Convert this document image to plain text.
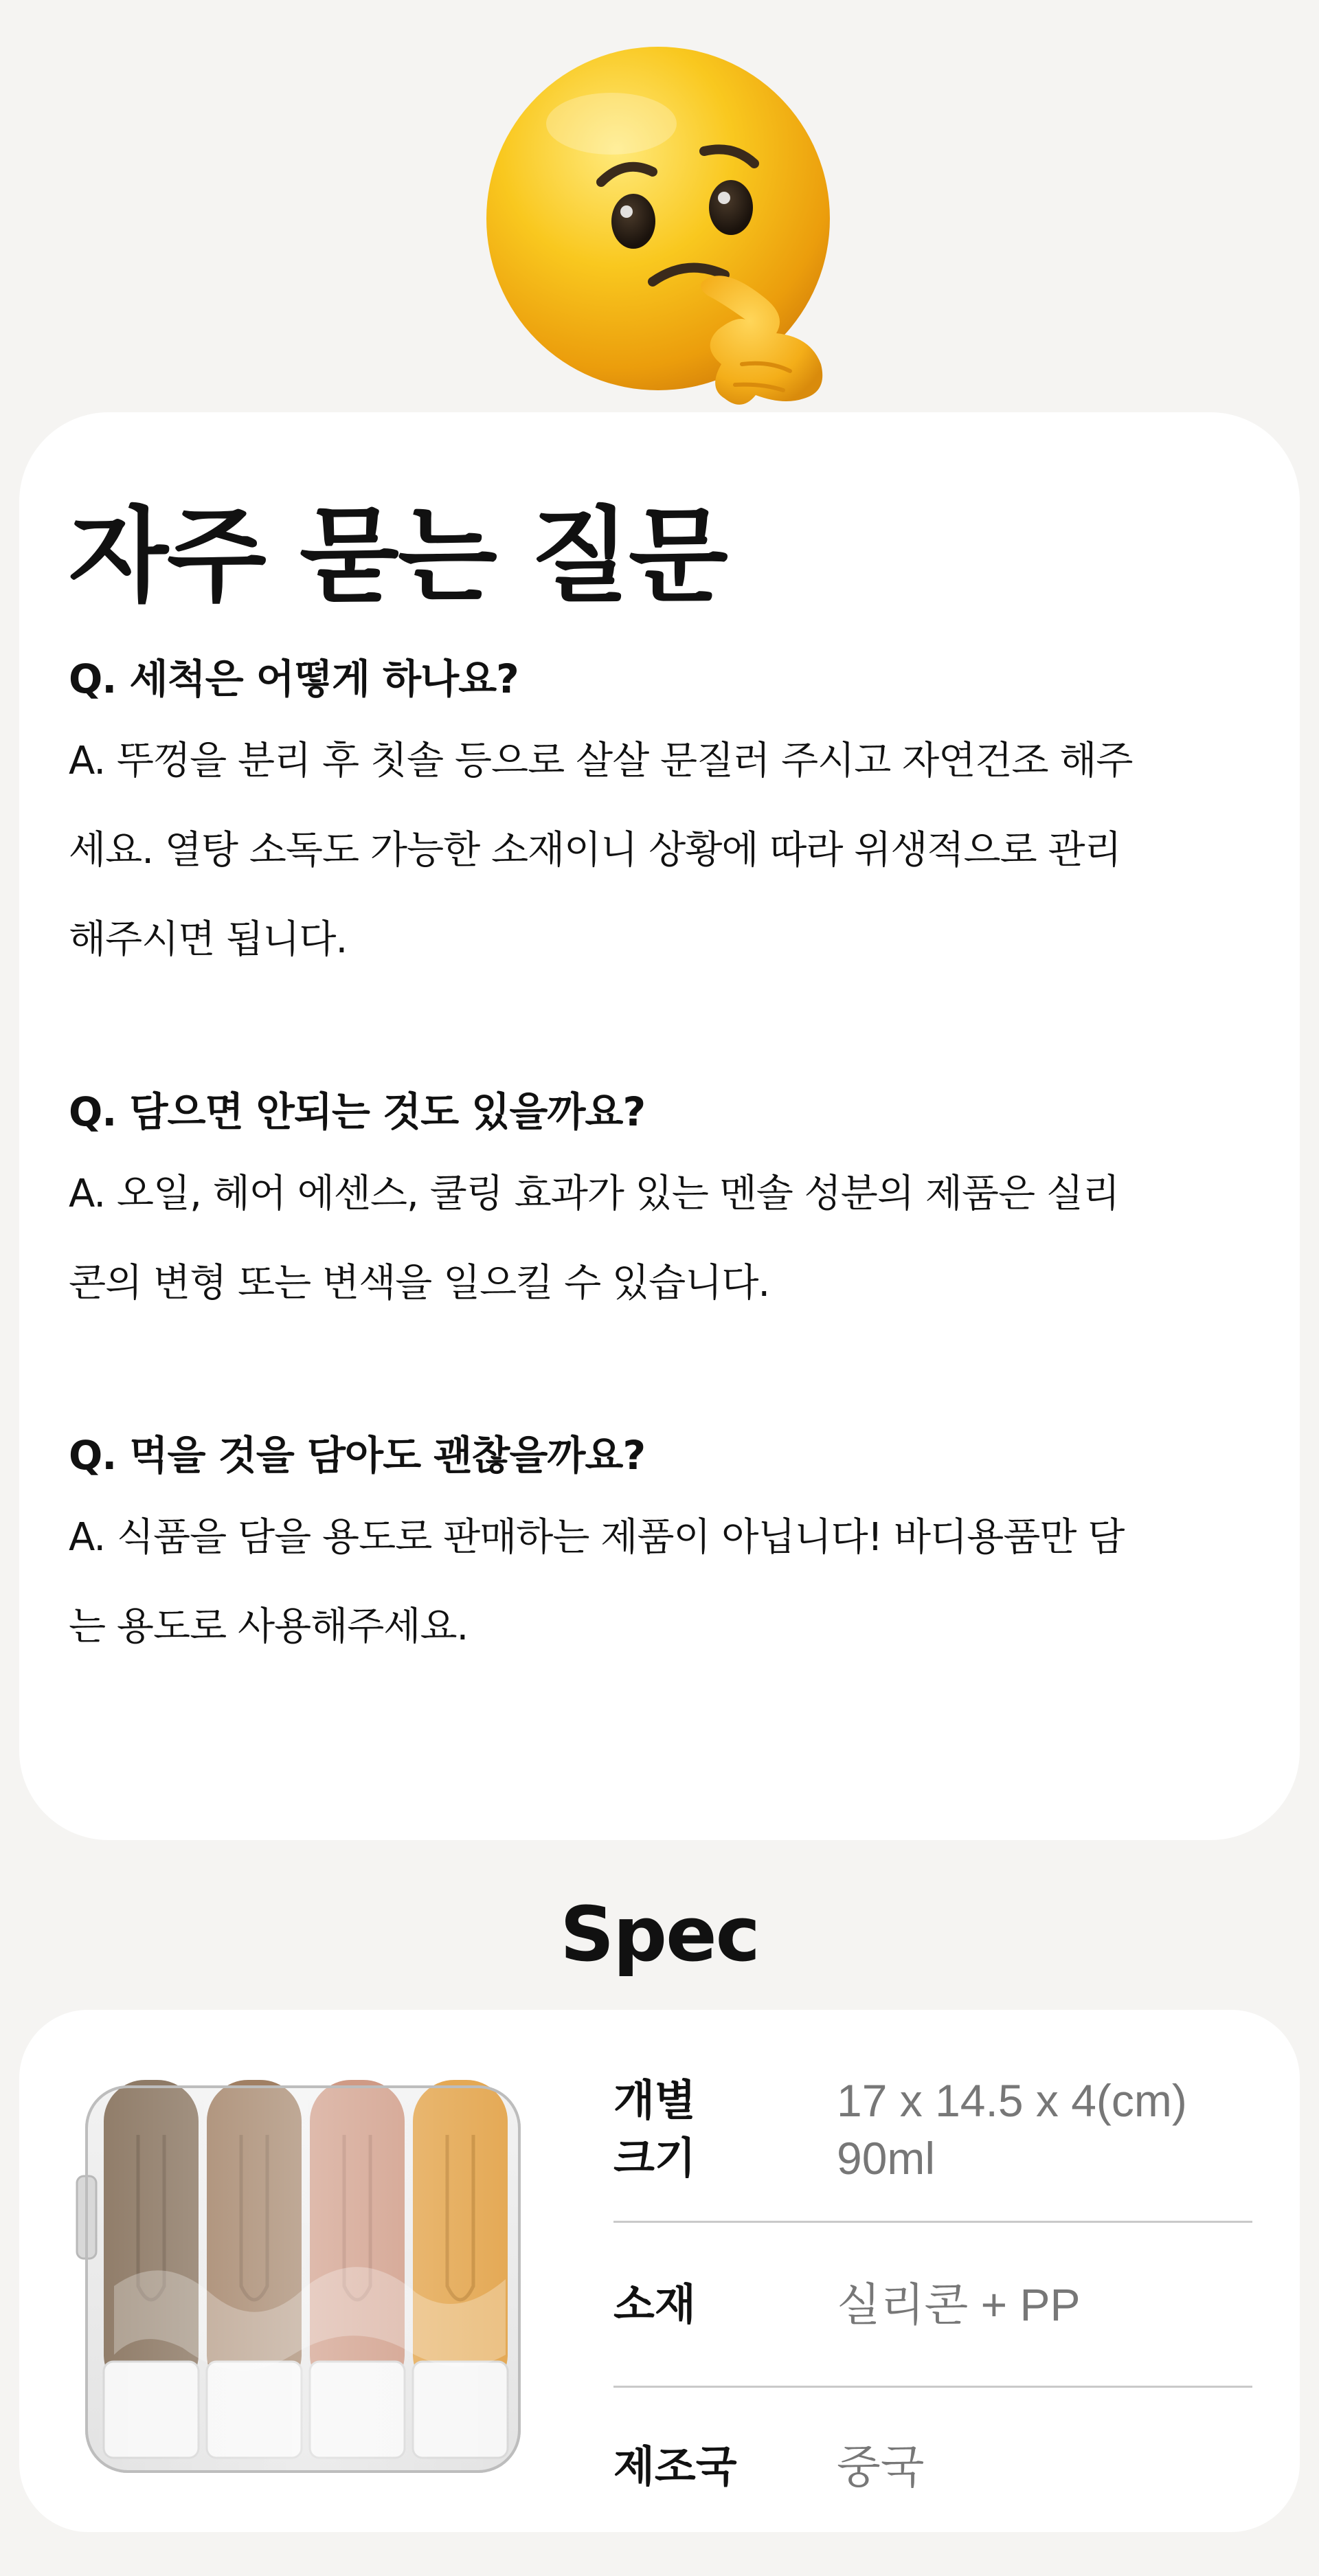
자주 묻는 질문

Q. 세척은 어떻게 하나요?

A. 뚜껑을 분리 후 칫솔 등으로 살살 문질러 주시고 자연건조 해주
세요. 열탕 소독도 가능한 소재이니 상황에 따라 위생적으로 관리
해주시면 됩니다.

Q. 담으면 안되는 것도 있을까요?

A. 오일, 헤어 에센스, 쿨링 효과가 있는 멘솔 성분의 제품은 실리
콘의 변형 또는 변색을 일으킬 수 있습니다.

Q. 먹을 것을 담아도 괜찮을까요?

A. 식품을 담을 용도로 판매하는 제품이 아닙니다! 바디용품만 담
는 용도로 사용해주세요.

Spec
개별
크기
17 x 14.5 x 4(cm)
90ml
소재	실리콘 + PP
제조국	중국
